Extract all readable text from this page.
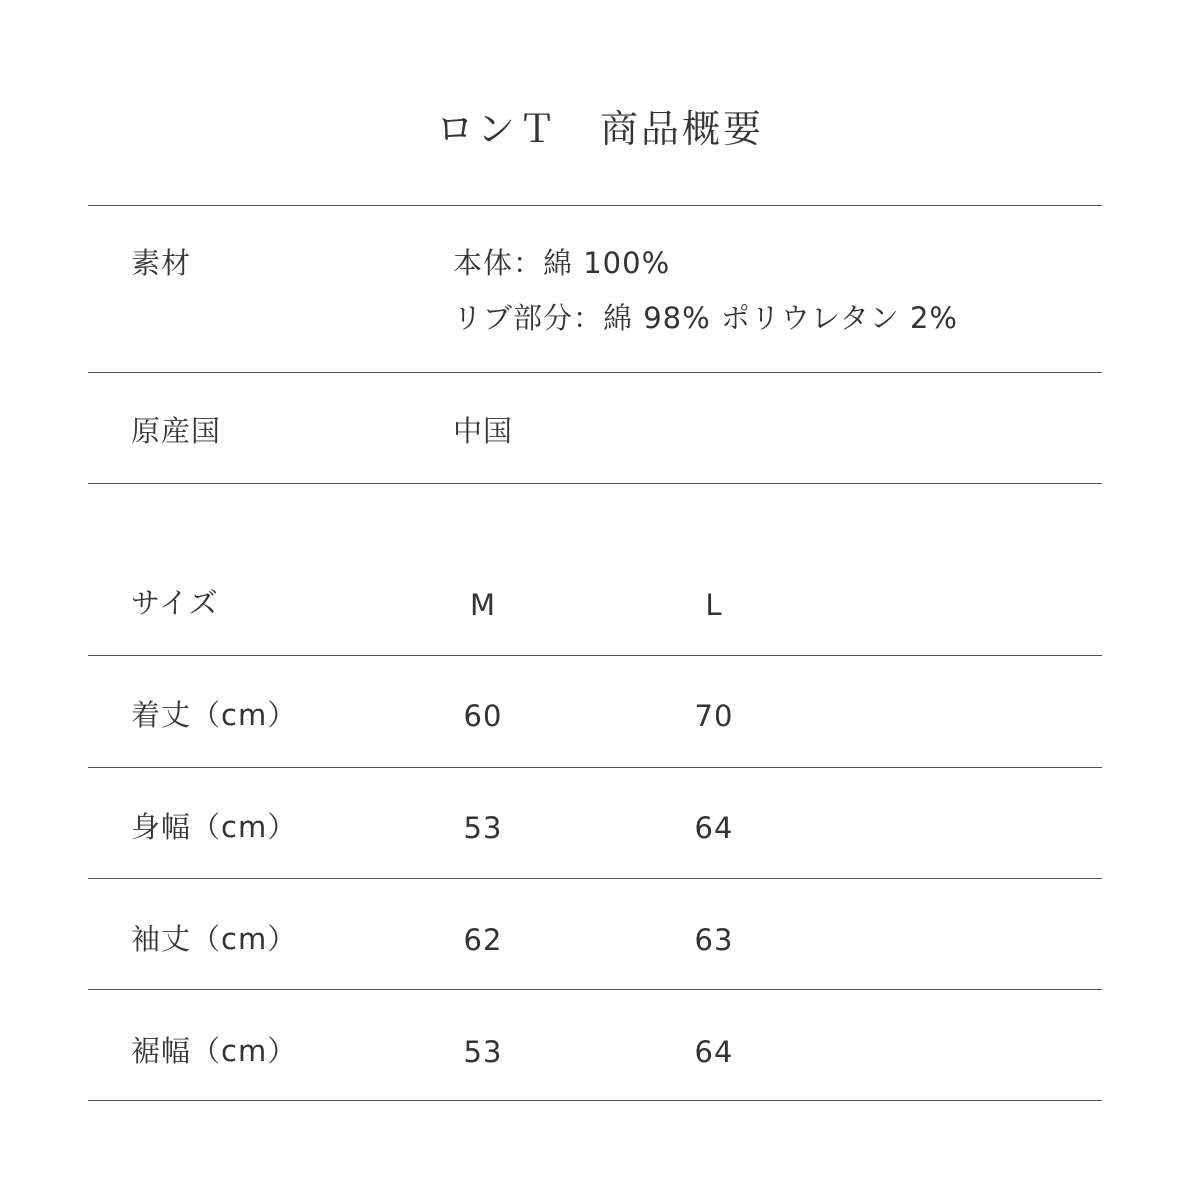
ロンＴ　商品概要
素材	本体：綿 100%
リブ部分：綿 98% ポリウレタン 2%
原産国	中国
サイズ	M	L
着丈（cm）	60	70
身幅（cm）	53	64
袖丈（cm）	62	63
裾幅（cm）	53	64
